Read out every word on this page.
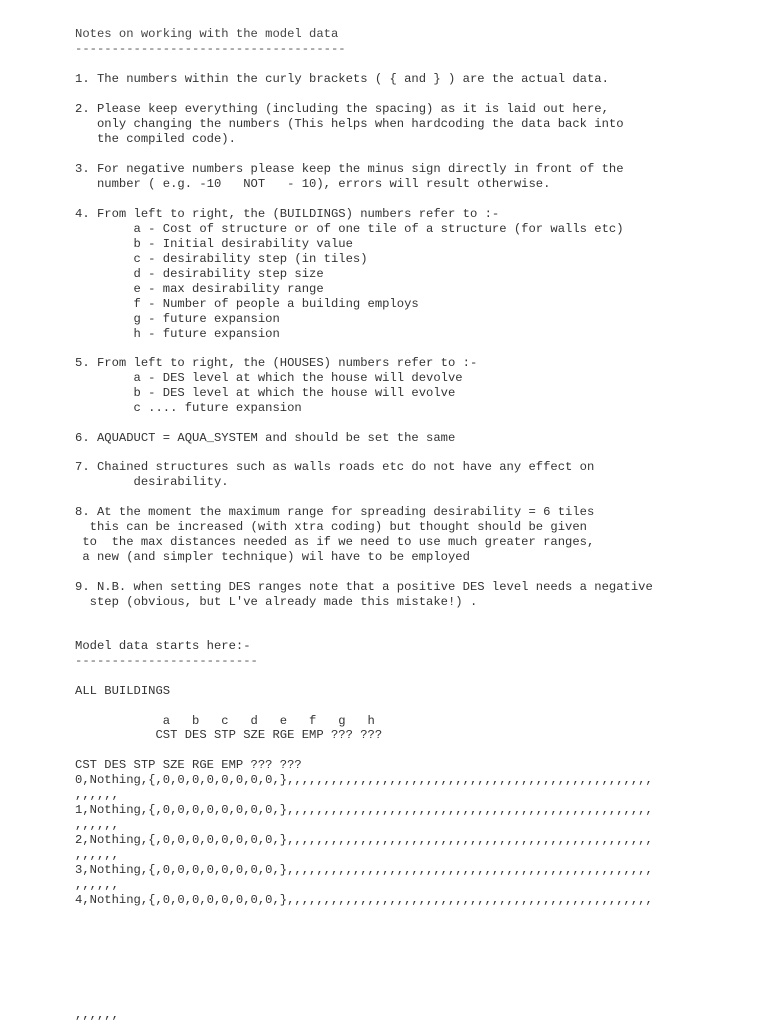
Notes on working with the model data

-------------------------------------

1. The numbers within the curly brackets ( { and } ) are the actual data.

2. Please keep everything (including the spacing) as it is laid out here,

only changing the numbers (This helps when hardcoding the data back into

the compiled code).

3. For negative numbers please keep the minus sign directly in front of the

number ( e.g. -10   NOT   - 10), errors will result otherwise.

4. From left to right, the (BUILDINGS) numbers refer to :-

a - Cost of structure or of one tile of a structure (for walls etc)

b - Initial desirability value

c - desirability step (in tiles)

d - desirability step size

e - max desirability range

f - Number of people a building employs

g - future expansion

h - future expansion

5. From left to right, the (HOUSES) numbers refer to :-

a - DES level at which the house will devolve

b - DES level at which the house will evolve

c .... future expansion

6. AQUADUCT = AQUA_SYSTEM and should be set the same

7. Chained structures such as walls roads etc do not have any effect on

desirability.

8. At the moment the maximum range for spreading desirability = 6 tiles

this can be increased (with xtra coding) but thought should be given

to  the max distances needed as if we need to use much greater ranges,

a new (and simpler technique) wil have to be employed

9. N.B. when setting DES ranges note that a positive DES level needs a negative

step (obvious, but L've already made this mistake!) .

Model data starts here:-

-------------------------

ALL BUILDINGS

a   b   c   d   e   f   g   h

CST DES STP SZE RGE EMP ??? ???

CST DES STP SZE RGE EMP ??? ???

0,Nothing,{,0,0,0,0,0,0,0,0,},,,,,,,,,,,,,,,,,,,,,,,,,,,,,,,,,,,,,,,,,,,,,,,,,,

,,,,,,

1,Nothing,{,0,0,0,0,0,0,0,0,},,,,,,,,,,,,,,,,,,,,,,,,,,,,,,,,,,,,,,,,,,,,,,,,,,

,,,,,,

2,Nothing,{,0,0,0,0,0,0,0,0,},,,,,,,,,,,,,,,,,,,,,,,,,,,,,,,,,,,,,,,,,,,,,,,,,,

,,,,,,

3,Nothing,{,0,0,0,0,0,0,0,0,},,,,,,,,,,,,,,,,,,,,,,,,,,,,,,,,,,,,,,,,,,,,,,,,,,

,,,,,,

4,Nothing,{,0,0,0,0,0,0,0,0,},,,,,,,,,,,,,,,,,,,,,,,,,,,,,,,,,,,,,,,,,,,,,,,,,,

,,,,,,
